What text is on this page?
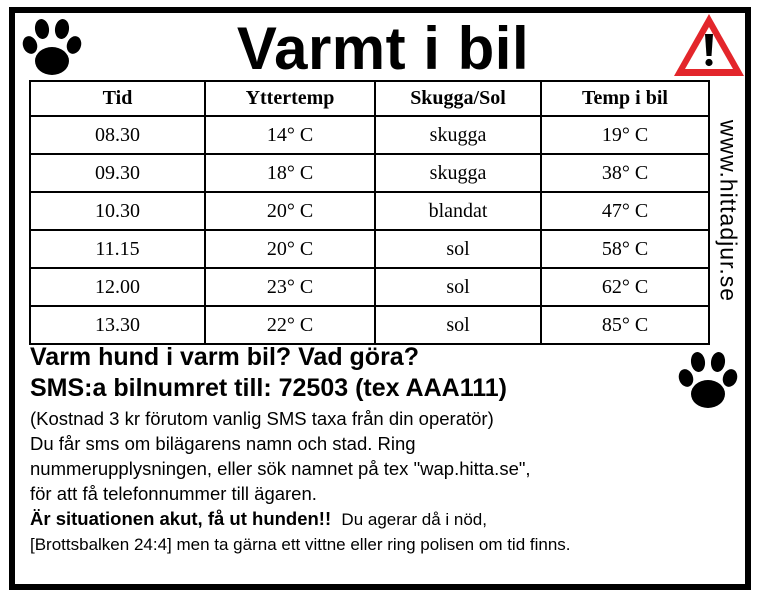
Varmt i bil
www.hittadjur.se
Tid	Yttertemp	Skugga/Sol	Temp i bil
08.30	14° C	skugga	19° C
09.30	18° C	skugga	38° C
10.30	20° C	blandat	47° C
11.15	20° C	sol	58° C
12.00	23° C	sol	62° C
13.30	22° C	sol	85° C

Varm hund i varm bil? Vad göra?

SMS:a bilnumret till: 72503 (tex AAA111)

(Kostnad 3 kr förutom vanlig SMS taxa från din operatör)

Du får sms om bilägarens namn och stad. Ring

nummerupplysningen, eller sök namnet på tex "wap.hitta.se",

för att få telefonnummer till ägaren.

Är situationen akut, få ut hunden!! Du agerar då i nöd,

[Brottsbalken 24:4] men ta gärna ett vittne eller ring polisen om tid finns.
